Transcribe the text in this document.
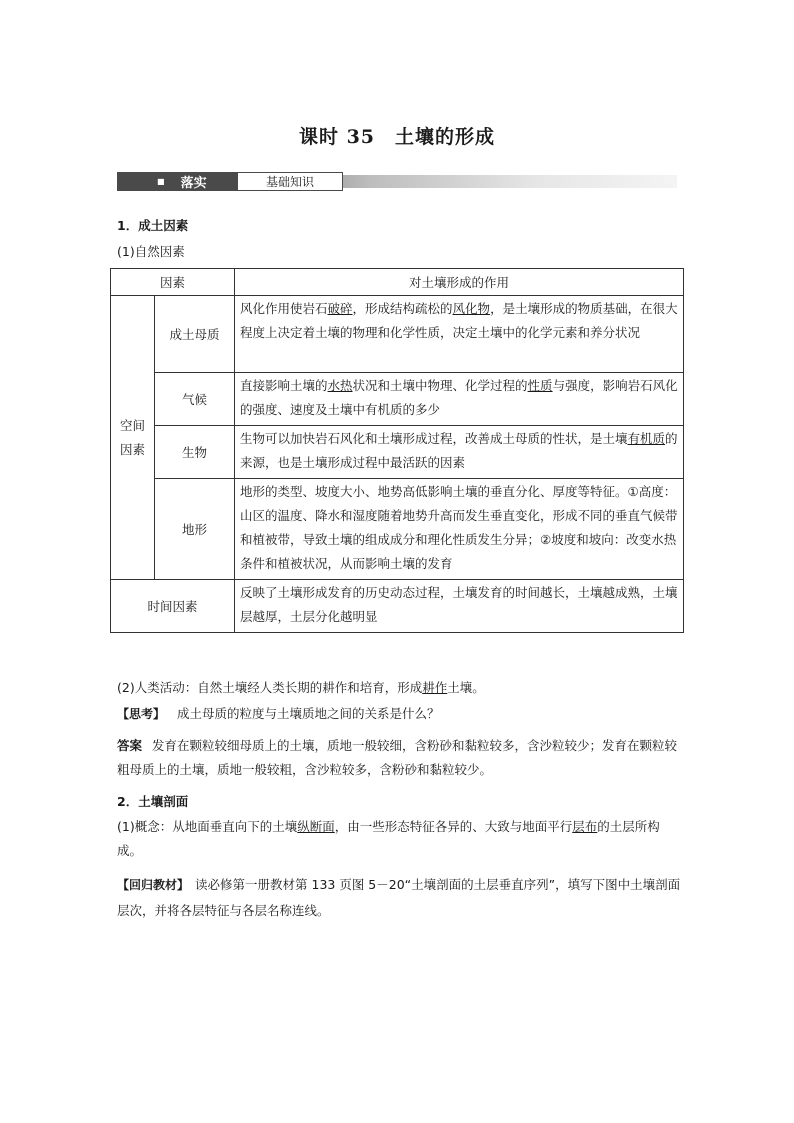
课时 35　土壤的形成
■ 落实	基础知识
1．成土因素
(1)自然因素
因素		对土壤形成的作用
空间因素	成土母质	风化作用使岩石破碎，形成结构疏松的风化物，是土壤形成的物质基础，在很大程度上决定着土壤的物理和化学性质，决定土壤中的化学元素和养分状况
	气候	直接影响土壤的水热状况和土壤中物理、化学过程的性质与强度，影响岩石风化的强度、速度及土壤中有机质的多少
	生物	生物可以加快岩石风化和土壤形成过程，改善成土母质的性状，是土壤有机质的来源，也是土壤形成过程中最活跃的因素
	地形	地形的类型、坡度大小、地势高低影响土壤的垂直分化、厚度等特征。①高度：山区的温度、降水和湿度随着地势升高而发生垂直变化，形成不同的垂直气候带和植被带，导致土壤的组成成分和理化性质发生分异；②坡度和坡向：改变水热条件和植被状况，从而影响土壤的发育
时间因素		反映了土壤形成发育的历史动态过程，土壤发育的时间越长，土壤越成熟，土壤层越厚，土层分化越明显
(2)人类活动：自然土壤经人类长期的耕作和培育，形成耕作土壤。
【思考】 成土母质的粒度与土壤质地之间的关系是什么？
答案 发育在颗粒较细母质上的土壤，质地一般较细，含粉砂和黏粒较多，含沙粒较少；发育在颗粒较粗母质上的土壤，质地一般较粗，含沙粒较多，含粉砂和黏粒较少。
2．土壤剖面
(1)概念：从地面垂直向下的土壤纵断面，由一些形态特征各异的、大致与地面平行层布的土层所构成。
【回归教材】 读必修第一册教材第 133 页图 5－20“土壤剖面的土层垂直序列”，填写下图中土壤剖面层次，并将各层特征与各层名称连线。
